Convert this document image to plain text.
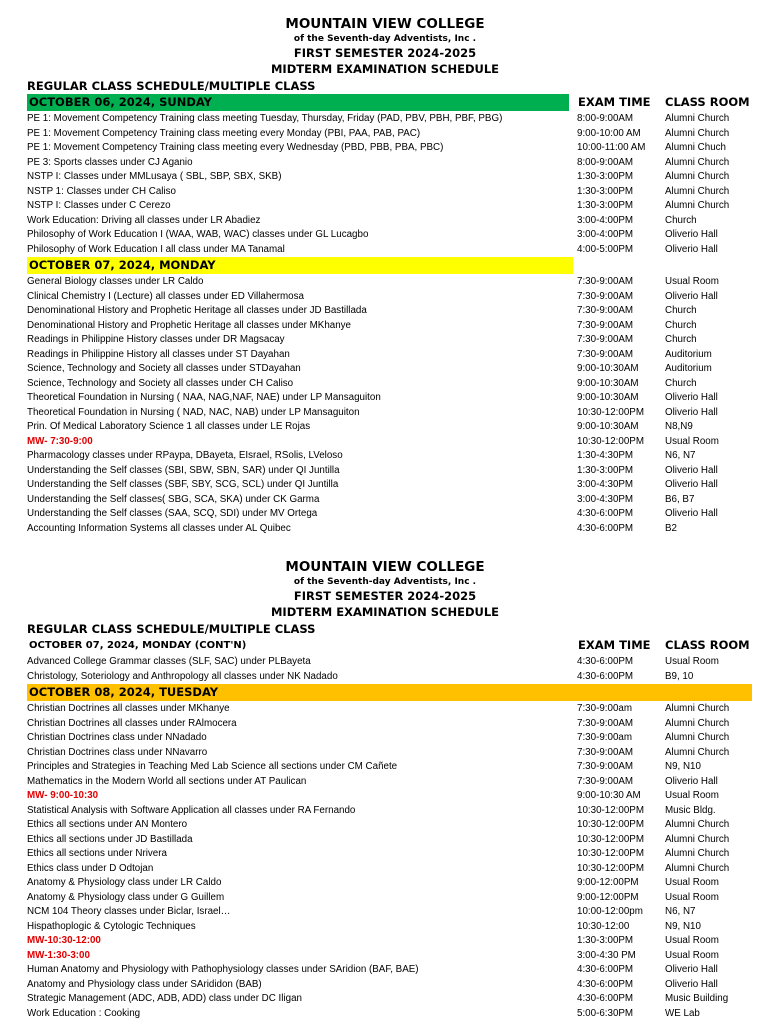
MOUNTAIN VIEW COLLEGE
of the Seventh-day Adventists, Inc .
FIRST SEMESTER 2024-2025
MIDTERM EXAMINATION SCHEDULE
REGULAR CLASS SCHEDULE/MULTIPLE CLASS
OCTOBER 06, 2024, SUNDAY	EXAM TIME CLASS ROOM
PE 1: Movement Competency Training class meeting Tuesday, Thursday, Friday (PAD, PBV, PBH, PBF, PBG)	8:00-9:00AM	Alumni Church
PE 1: Movement Competency Training class meeting every Monday (PBI, PAA, PAB, PAC)	9:00-10:00 AM Alumni Church
PE 1: Movement Competency Training class meeting every Wednesday (PBD, PBB, PBA, PBC)	10:00-11:00 AM Alumni Chuch
PE 3: Sports classes under CJ Aganio	8:00-9:00AM	Alumni Church
NSTP I: Classes under MMLusaya ( SBL, SBP, SBX, SKB)	1:30-3:00PM	Alumni Church
NSTP 1: Classes under CH Caliso	1:30-3:00PM	Alumni Church
NSTP I: Classes under C Cerezo	1:30-3:00PM	Alumni Church
Work Education: Driving all classes under LR Abadiez	3:00-4:00PM	Church
Philosophy of Work Education I (WAA, WAB, WAC) classes under GL Lucagbo	3:00-4:00PM	Oliverio Hall
Philosophy of Work Education I all class under MA Tanamal	4:00-5:00PM	Oliverio Hall
OCTOBER 07, 2024, MONDAY
General Biology classes under LR Caldo	7:30-9:00AM	Usual Room
Clinical Chemistry I (Lecture) all classes under ED Villahermosa	7:30-9:00AM	Oliverio Hall
Denominational History and Prophetic Heritage all classes under JD Bastillada	7:30-9:00AM	Church
Denominational History and Prophetic Heritage all classes under MKhanye	7:30-9:00AM	Church
Readings in Philippine History classes under DR Magsacay	7:30-9:00AM	Church
Readings in Philippine History all classes under ST Dayahan	7:30-9:00AM	Auditorium
Science, Technology and Society all classes under STDayahan	9:00-10:30AM	Auditorium
Science, Technology and Society all classes under CH Caliso	9:00-10:30AM	Church
Theoretical Foundation in Nursing ( NAA, NAG,NAF, NAE) under LP Mansaguiton	9:00-10:30AM	Oliverio Hall
Theoretical Foundation in Nursing ( NAD, NAC, NAB) under LP Mansaguiton	10:30-12:00PM Oliverio Hall
Prin. Of Medical Laboratory Science 1 all classes under LE Rojas	9:00-10:30AM	N8,N9
MW- 7:30-9:00	10:30-12:00PM Usual Room
Pharmacology classes under RPaypa, DBayeta, EIsrael, RSolis, LVeloso	1:30-4:30PM	N6, N7
Understanding the Self classes (SBI, SBW, SBN, SAR) under QI Juntilla	1:30-3:00PM	Oliverio Hall
Understanding the Self classes (SBF, SBY, SCG, SCL) under QI Juntilla	3:00-4:30PM	Oliverio Hall
Understanding the Self classes( SBG, SCA, SKA) under CK Garma	3:00-4:30PM	B6, B7
Understanding the Self classes (SAA, SCQ, SDI) under MV Ortega	4:30-6:00PM	Oliverio Hall
Accounting Information Systems all classes under AL Quibec	4:30-6:00PM	B2
MOUNTAIN VIEW COLLEGE
of the Seventh-day Adventists, Inc .
FIRST SEMESTER 2024-2025
MIDTERM EXAMINATION SCHEDULE
REGULAR CLASS SCHEDULE/MULTIPLE CLASS
OCTOBER 07, 2024, MONDAY (CONT'N)	EXAM TIME CLASS ROOM
Advanced College Grammar classes (SLF, SAC) under PLBayeta	4:30-6:00PM	Usual Room
Christology, Soteriology and Anthropology all classes under NK Nadado	4:30-6:00PM	B9, 10
OCTOBER 08, 2024, TUESDAY
Christian Doctrines all classes under MKhanye	7:30-9:00am	Alumni Church
Christian Doctrines all classes under RAlmocera	7:30-9:00AM	Alumni Church
Christian Doctrines class under NNadado	7:30-9:00am	Alumni Church
Christian Doctrines class under NNavarro	7:30-9:00AM	Alumni Church
Principles and Strategies in Teaching Med Lab Science all sections under CM Cañete	7:30-9:00AM	N9, N10
Mathematics in the Modern World all sections under AT Paulican	7:30-9:00AM	Oliverio Hall
MW- 9:00-10:30	9:00-10:30 AM Usual Room
Statistical Analysis with Software Application all classes under RA Fernando	10:30-12:00PM Music Bldg.
Ethics all sections under AN Montero	10:30-12:00PM Alumni Church
Ethics all sections under JD Bastillada	10:30-12:00PM Alumni Church
Ethics all sections under Nrivera	10:30-12:00PM Alumni Church
Ethics class under D Odtojan	10:30-12:00PM Alumni Church
Anatomy & Physiology class under LR Caldo	9:00-12:00PM	Usual Room
Anatomy & Physiology class under G Guillem	9:00-12:00PM	Usual Room
NCM 104 Theory classes under Biclar, Israel…	10:00-12:00pm N6, N7
Hispathoplogic & Cytologic Techniques	10:30-12:00	N9, N10
MW-10:30-12:00	1:30-3:00PM	Usual Room
MW-1:30-3:00	3:00-4:30 PM	Usual Room
Human Anatomy and Physiology with Pathophysiology classes under SAridion (BAF, BAE)	4:30-6:00PM	Oliverio Hall
Anatomy and Physiology class under SArididon (BAB)	4:30-6:00PM	Oliverio Hall
Strategic Management (ADC, ADB, ADD) class under DC Iligan	4:30-6:00PM	Music Building
Work Education : Cooking	5:00-6:30PM	WE Lab
